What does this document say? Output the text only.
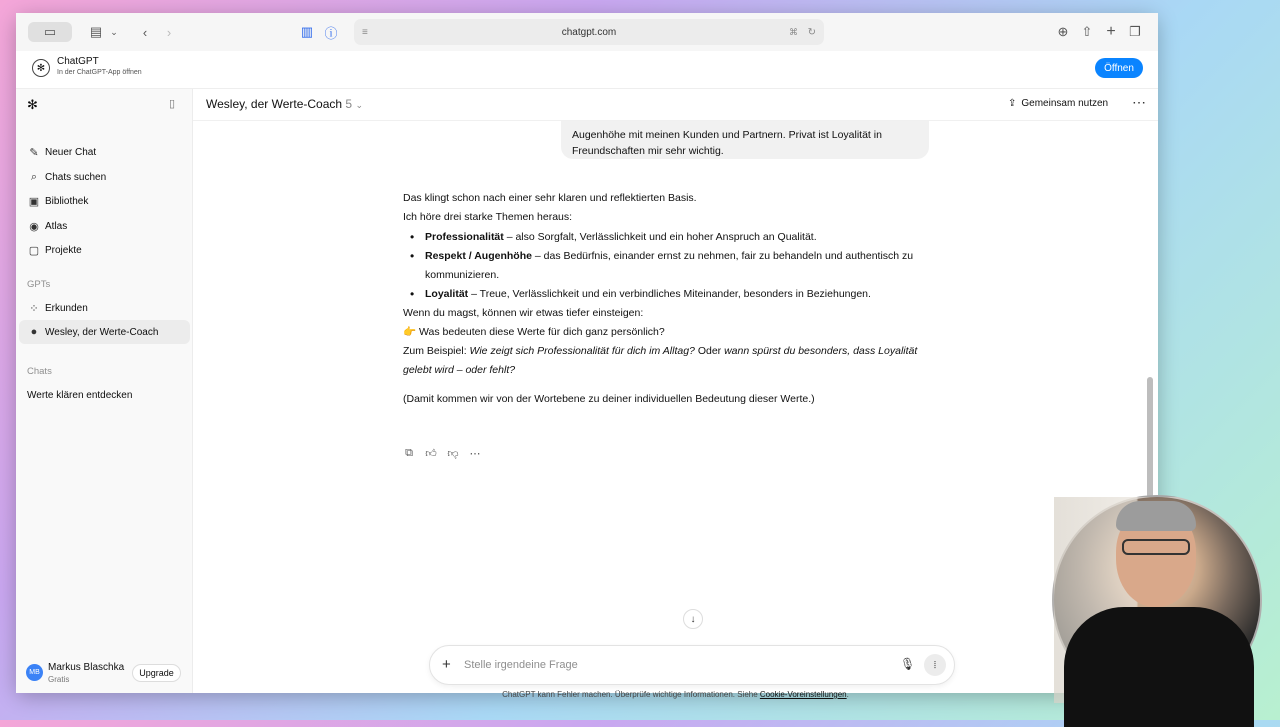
▭	▤ ⌄	‹	›	▥ ⓘ ≡	chatgpt.com	⌘ ↻	⊕ ⇧ + ❐
✻
ChatGPT
In der ChatGPT-App öffnen	Öffnen
✻	▯
✎ Neuer Chat
⌕ Chats suchen
▣ Bibliothek
◉ Atlas
▢ Projekte
GPTs
⁘ Erkunden
● Wesley, der Werte-Coach
Chats
Werte klären entdecken
MB Markus Blaschka
Gratis
Upgrade
Wesley, der Werte-Coach 5 ⌄	⇪ Gemeinsam nutzen ⋯
Augenhöhe mit meinen Kunden und Partnern. Privat ist Loyalität in Freundschaften mir sehr wichtig.
Das klingt schon nach einer sehr klaren und reflektierten Basis.
Ich höre drei starke Themen heraus:
• Professionalität – also Sorgfalt, Verlässlichkeit und ein hoher Anspruch an Qualität.
• Respekt / Augenhöhe – das Bedürfnis, einander ernst zu nehmen, fair zu behandeln und authentisch zu kommunizieren.
• Loyalität – Treue, Verlässlichkeit und ein verbindliches Miteinander, besonders in Beziehungen.
Wenn du magst, können wir etwas tiefer einsteigen:
👉 Was bedeuten diese Werte für dich ganz persönlich?
Zum Beispiel: Wie zeigt sich Professionalität für dich im Alltag? Oder wann spürst du besonders, dass Loyalität gelebt wird – oder fehlt?
(Damit kommen wir von der Wortebene zu deiner individuellen Bedeutung dieser Werte.)
⧉ 👍︎ 👎︎ ⋯
↓
+
Stelle irgendeine Frage	🎙︎	⦙
ChatGPT kann Fehler machen. Überprüfe wichtige Informationen. Siehe Cookie-Voreinstellungen.
